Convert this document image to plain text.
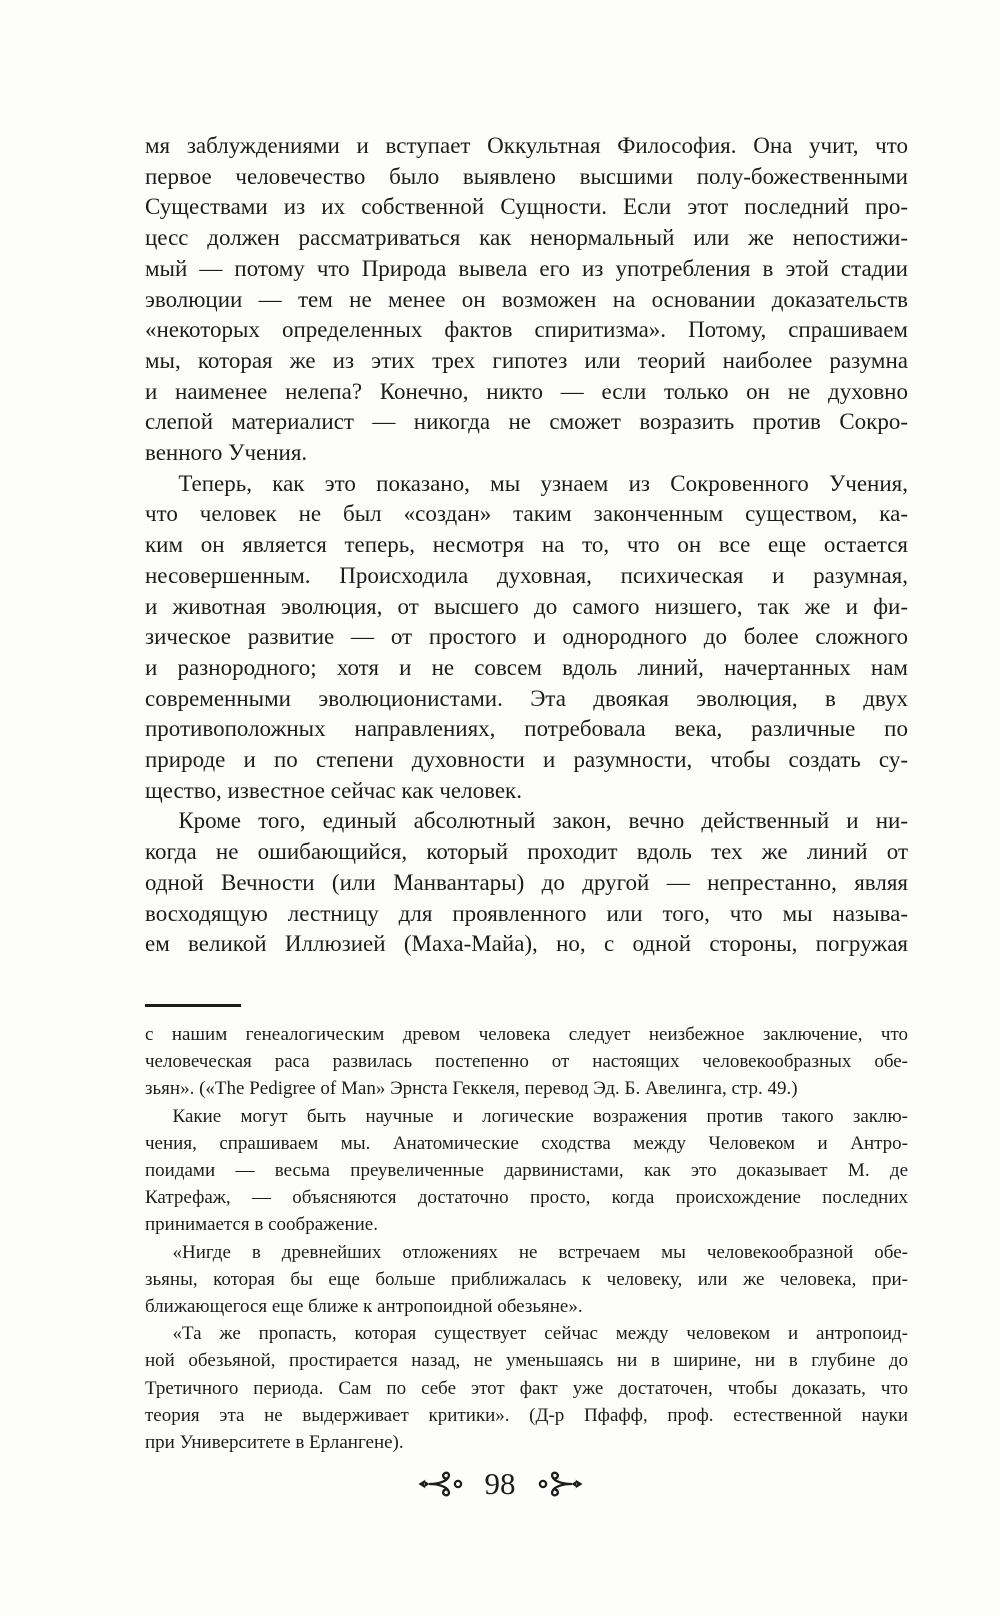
мя заблуждениями и вступает Оккультная Философия. Она учит, что
первое человечество было выявлено высшими полу-божественными
Существами из их собственной Сущности. Если этот последний про-
цесс должен рассматриваться как ненормальный или же непостижи-
мый — потому что Природа вывела его из употребления в этой стадии
эволюции — тем не менее он возможен на основании доказательств
«некоторых определенных фактов спиритизма». Потому, спрашиваем
мы, которая же из этих трех гипотез или теорий наиболее разумна
и наименее нелепа? Конечно, никто — если только он не духовно
слепой материалист — никогда не сможет возразить против Сокро-
венного Учения.
Теперь, как это показано, мы узнаем из Сокровенного Учения,
что человек не был «создан» таким законченным существом, ка-
ким он является теперь, несмотря на то, что он все еще остается
несовершенным. Происходила духовная, психическая и разумная,
и животная эволюция, от высшего до самого низшего, так же и фи-
зическое развитие — от простого и однородного до более сложного
и разнородного; хотя и не совсем вдоль линий, начертанных нам
современными эволюционистами. Эта двоякая эволюция, в двух
противоположных направлениях, потребовала века, различные по
природе и по степени духовности и разумности, чтобы создать су-
щество, известное сейчас как человек.
Кроме того, единый абсолютный закон, вечно действенный и ни-
когда не ошибающийся, который проходит вдоль тех же линий от
одной Вечности (или Манвантары) до другой — непрестанно, являя
восходящую лестницу для проявленного или того, что мы называ-
ем великой Иллюзией (Маха-Майа), но, с одной стороны, погружая
с нашим генеалогическим древом человека следует неизбежное заключение, что
человеческая раса развилась постепенно от настоящих человекообразных обе-
зьян». («The Pedigree of Man» Эрнста Геккеля, перевод Эд. Б. Авелинга, стр. 49.)
Какие могут быть научные и логические возражения против такого заклю-
чения, спрашиваем мы. Анатомические сходства между Человеком и Антро-
поидами — весьма преувеличенные дарвинистами, как это доказывает М. де
Катрефаж, — объясняются достаточно просто, когда происхождение последних
принимается в соображение.
«Нигде в древнейших отложениях не встречаем мы человекообразной обе-
зьяны, которая бы еще больше приближалась к человеку, или же человека, при-
ближающегося еще ближе к антропоидной обезьяне».
«Та же пропасть, которая существует сейчас между человеком и антропоид-
ной обезьяной, простирается назад, не уменьшаясь ни в ширине, ни в глубине до
Третичного периода. Сам по себе этот факт уже достаточен, чтобы доказать, что
теория эта не выдерживает критики». (Д-р Пфафф, проф. естественной науки
при Университете в Ерлангене).
98
